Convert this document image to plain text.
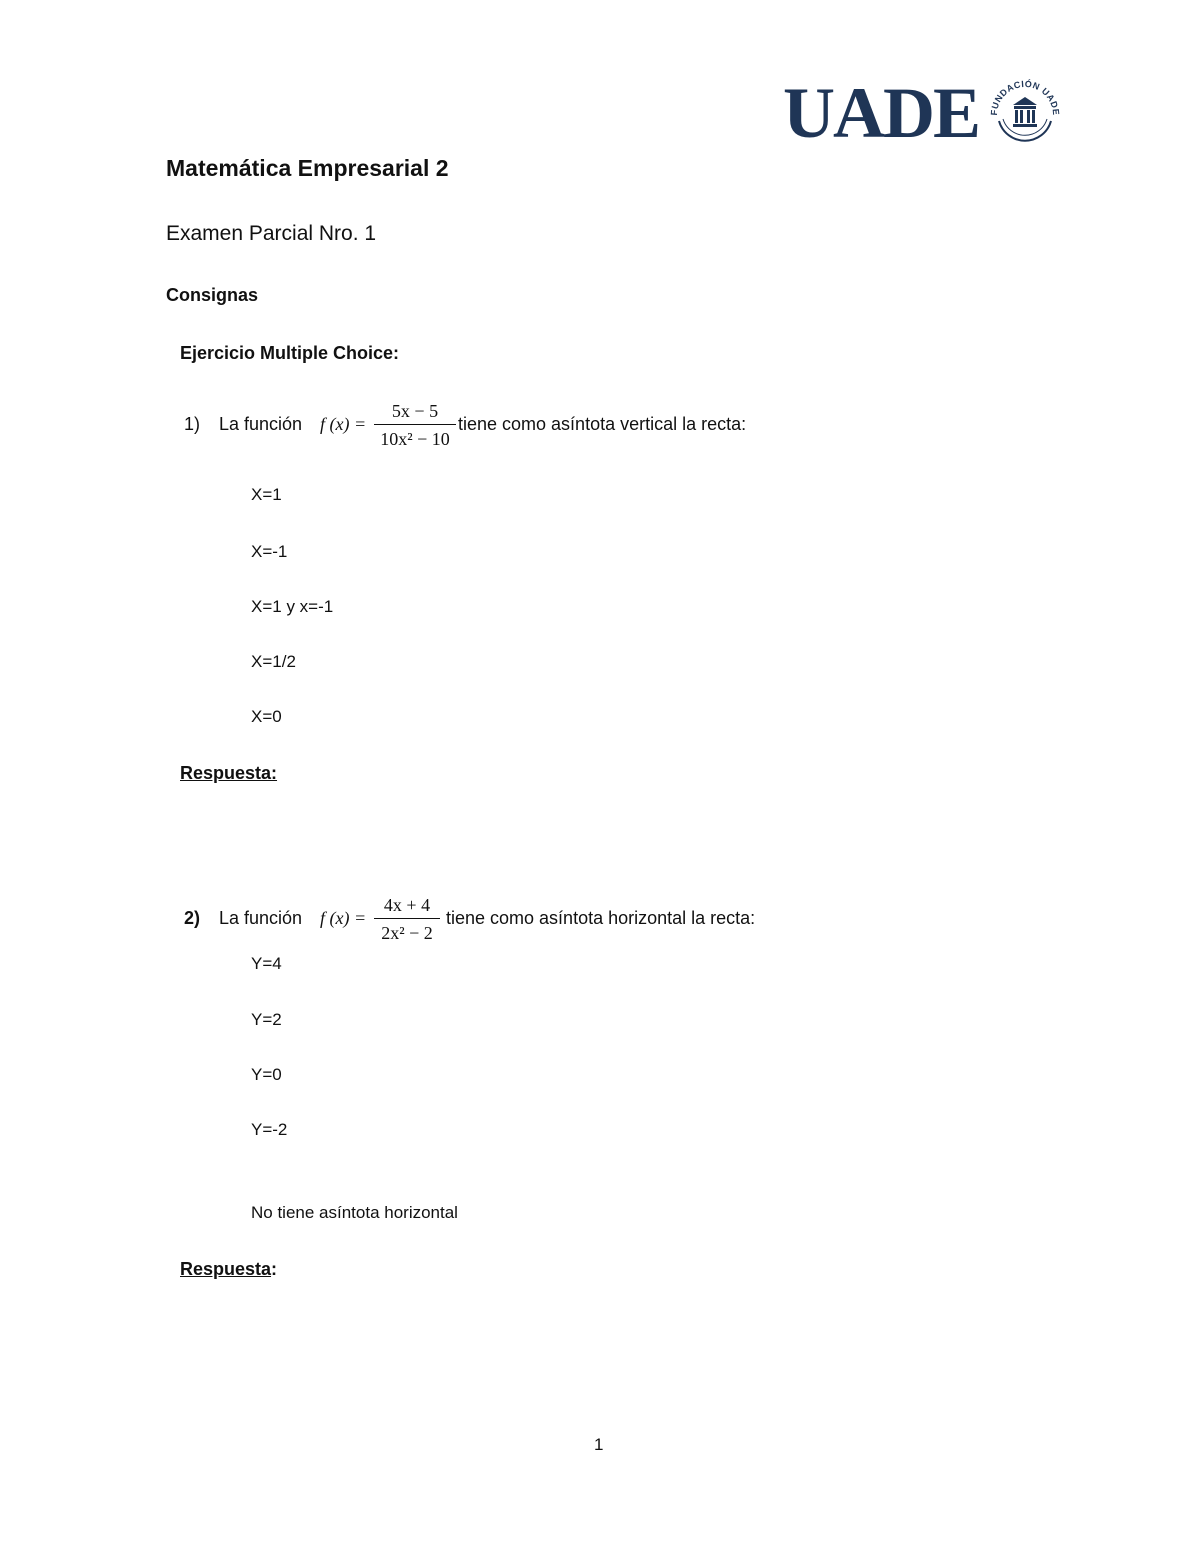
UADE FUNDACIÓN UADE
Matemática Empresarial 2
Examen Parcial Nro. 1
Consignas
Ejercicio Multiple Choice:
1) La función f (x) =
5x − 5
10x² − 10
tiene como asíntota vertical la recta:
X=1
X=-1
X=1 y x=-1
X=1/2
X=0
Respuesta:
2) La función f (x) =
4x + 4
2x² − 2
tiene como asíntota horizontal la recta:
Y=4
Y=2
Y=0
Y=-2
No tiene asíntota horizontal
Respuesta:
1
